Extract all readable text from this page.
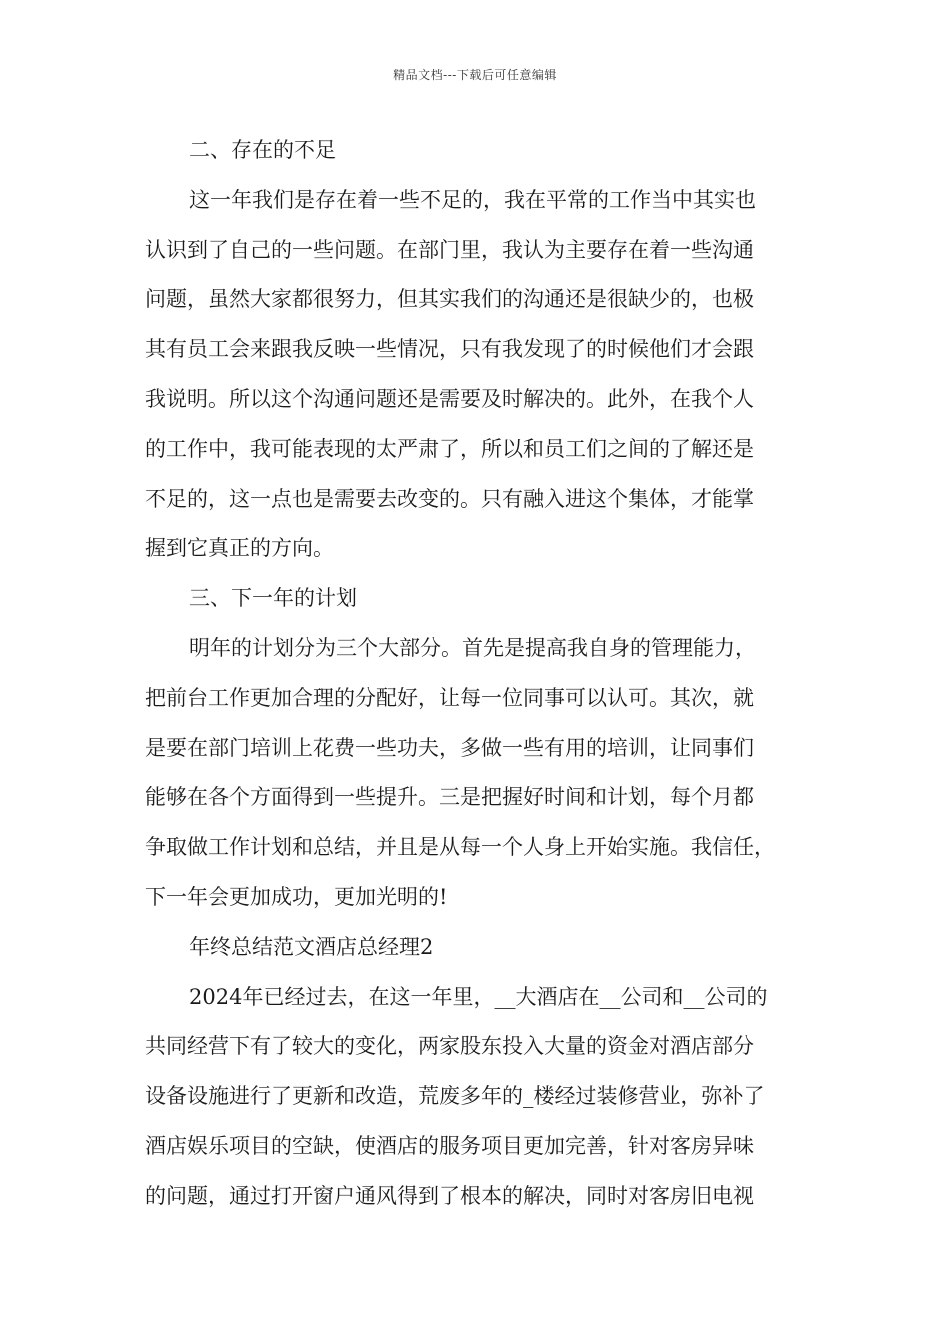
精品文档---下载后可任意编辑
二、存在的不足
这一年我们是存在着一些不足的，我在平常的工作当中其实也
认识到了自己的一些问题。在部门里，我认为主要存在着一些沟通
问题，虽然大家都很努力，但其实我们的沟通还是很缺少的，也极
其有员工会来跟我反映一些情况，只有我发现了的时候他们才会跟
我说明。所以这个沟通问题还是需要及时解决的。此外，在我个人
的工作中，我可能表现的太严肃了，所以和员工们之间的了解还是
不足的，这一点也是需要去改变的。只有融入进这个集体，才能掌
握到它真正的方向。
三、下一年的计划
明年的计划分为三个大部分。首先是提高我自身的管理能力，
把前台工作更加合理的分配好，让每一位同事可以认可。其次，就
是要在部门培训上花费一些功夫，多做一些有用的培训，让同事们
能够在各个方面得到一些提升。三是把握好时间和计划，每个月都
争取做工作计划和总结，并且是从每一个人身上开始实施。我信任，
下一年会更加成功，更加光明的!
年终总结范文酒店总经理2
2024年已经过去，在这一年里，__大酒店在__公司和__公司的
共同经营下有了较大的变化，两家股东投入大量的资金对酒店部分
设备设施进行了更新和改造，荒废多年的_楼经过装修营业，弥补了
酒店娱乐项目的空缺，使酒店的服务项目更加完善，针对客房异味
的问题，通过打开窗户通风得到了根本的解决，同时对客房旧电视
